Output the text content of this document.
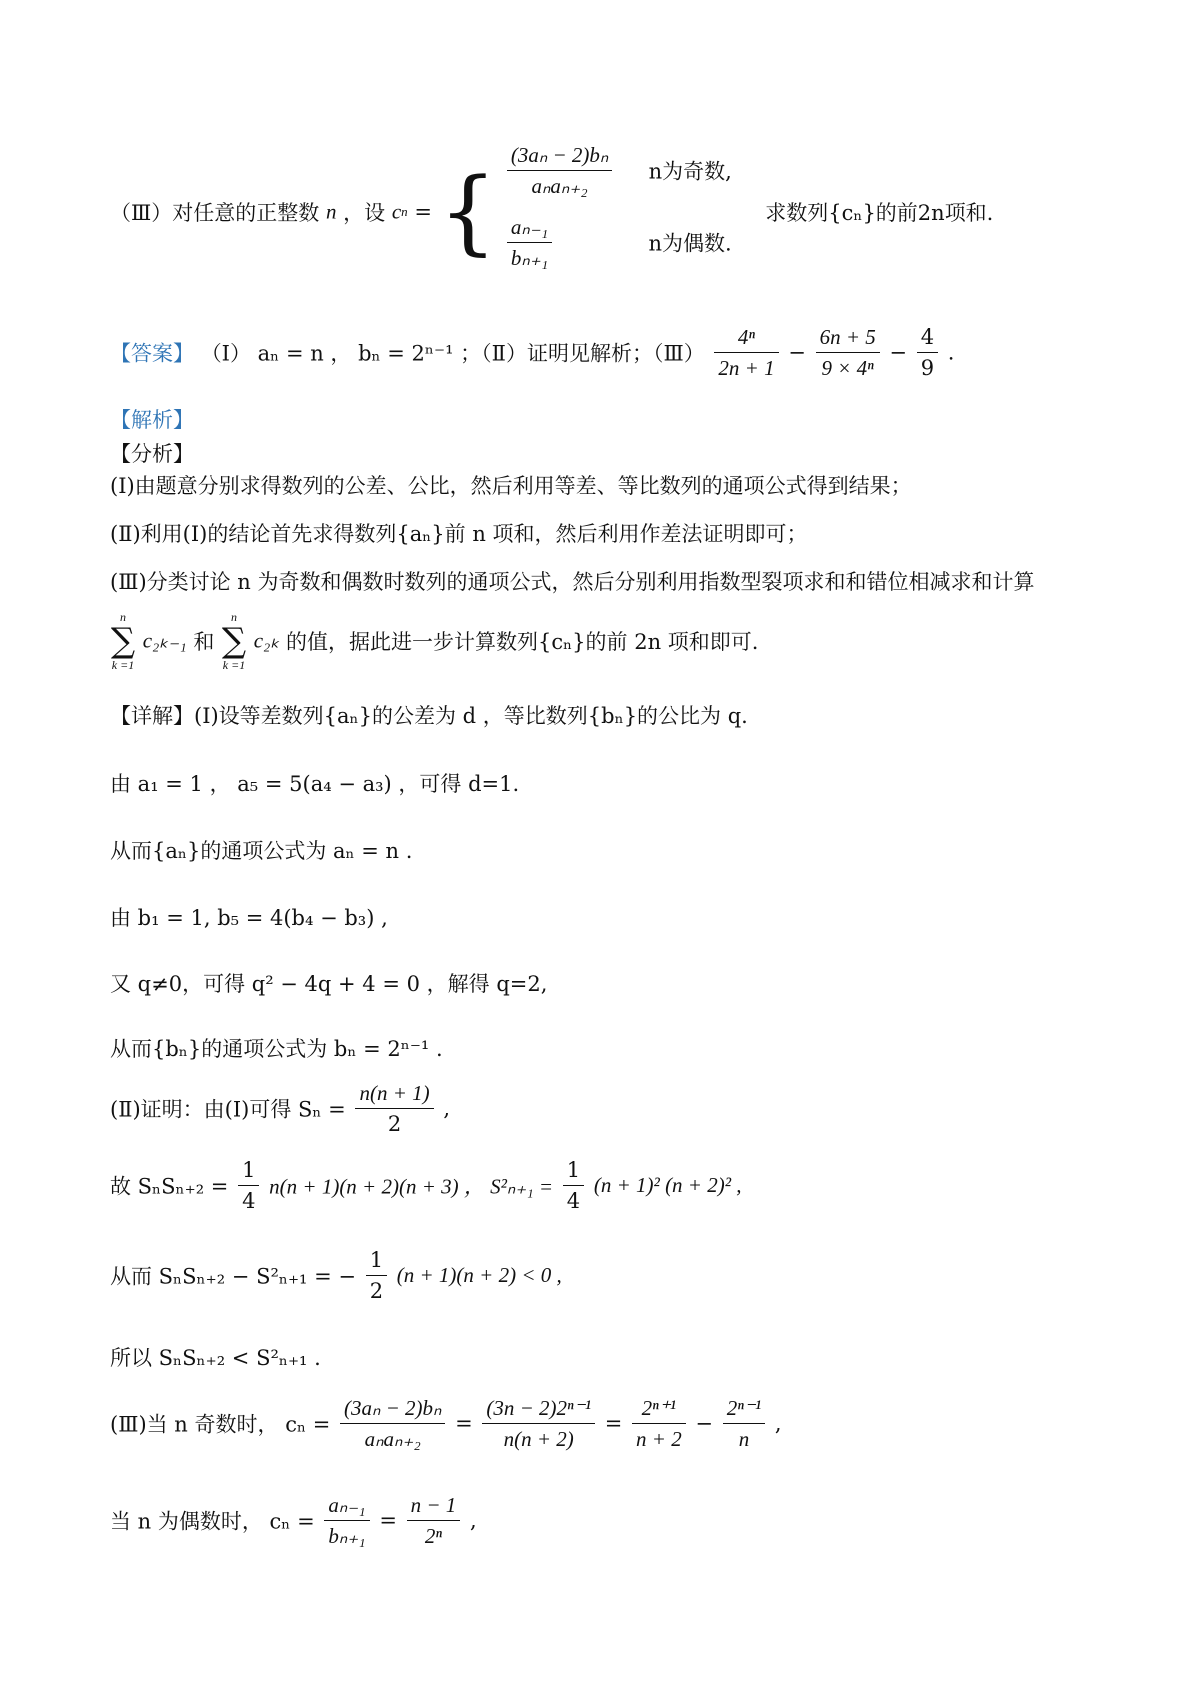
（Ⅲ）对任意的正整数 n ，设 cn = { $\frac{\text{(3aₙ − 2)bₙ}}{\text{aₙaₙ₊₂}}$ n为奇数,
$\frac{\text{aₙ₋₁}}{\text{bₙ₊₁}}$	n为偶数.
求数列{cₙ}的前2n项和.
【答案】 （Ⅰ） aₙ = n ， bₙ = 2ⁿ⁻¹ ；（Ⅱ）证明见解析；（Ⅲ） $\frac{\text{4ⁿ}}{2n + 1} - \frac{6n + 5}{\text{9 × 4ⁿ}} - \frac{4}{9}$ .
【解析】
【分析】
(Ⅰ)由题意分别求得数列的公差、公比，然后利用等差、等比数列的通项公式得到结果；
(Ⅱ)利用(Ⅰ)的结论首先求得数列{aₙ}前 n 项和，然后利用作差法证明即可；
(Ⅲ)分类讨论 n 为奇数和偶数时数列的通项公式，然后分别利用指数型裂项求和和错位相减求和计算
n
∑
k =1
c₂ₖ₋₁ 和
n
∑
k =1
c₂ₖ 的值，据此进一步计算数列{cₙ}的前 2n 项和即可.
【详解】(Ⅰ)设等差数列{aₙ}的公差为 d ，等比数列{bₙ}的公比为 q.
由 a₁ = 1 ， a₅ = 5(a₄ − a₃) ，可得 d=1.
从而{aₙ}的通项公式为 aₙ = n .
由 b₁ = 1, b₅ = 4(b₄ − b₃) ,
又 q≠0，可得 q² − 4q + 4 = 0 ，解得 q=2,
从而{bₙ}的通项公式为 bₙ = 2ⁿ⁻¹ .
(Ⅱ)证明：由(Ⅰ)可得 $S_n = \frac{n(n + 1)}{2}$ ,
故 $S_nS_{n+2} = \frac{1}{4} n(n + 1)(n + 2)(n + 3)$ ， $S^2_{n+1} = \frac{1}{4} (n + 1)^2$ (n + 2)² ,
从而 SₙSₙ₊₂ − S²ₙ₊₁ = − $\frac{1}{2} (n + 1)(n + 2) < 0$ ,
所以 SₙSₙ₊₂ < S²ₙ₊₁ .
(Ⅲ)当 n 奇数时， $c_n = \frac{\text{(3aₙ − 2)bₙ}}{\text{aₙaₙ₊₂}} = \frac{\text{(3n − 2)2ⁿ⁻¹}}{n(n + 2)} = \frac{\text{2ⁿ⁺¹}}{n + 2} - \frac{\text{2ⁿ⁻¹}}{n}$ ,
当 n 为偶数时， $c_n = \frac{\text{aₙ₋₁}}{\text{bₙ₊₁}} = \frac{n - 1}{\text{2ⁿ}}$ ,
